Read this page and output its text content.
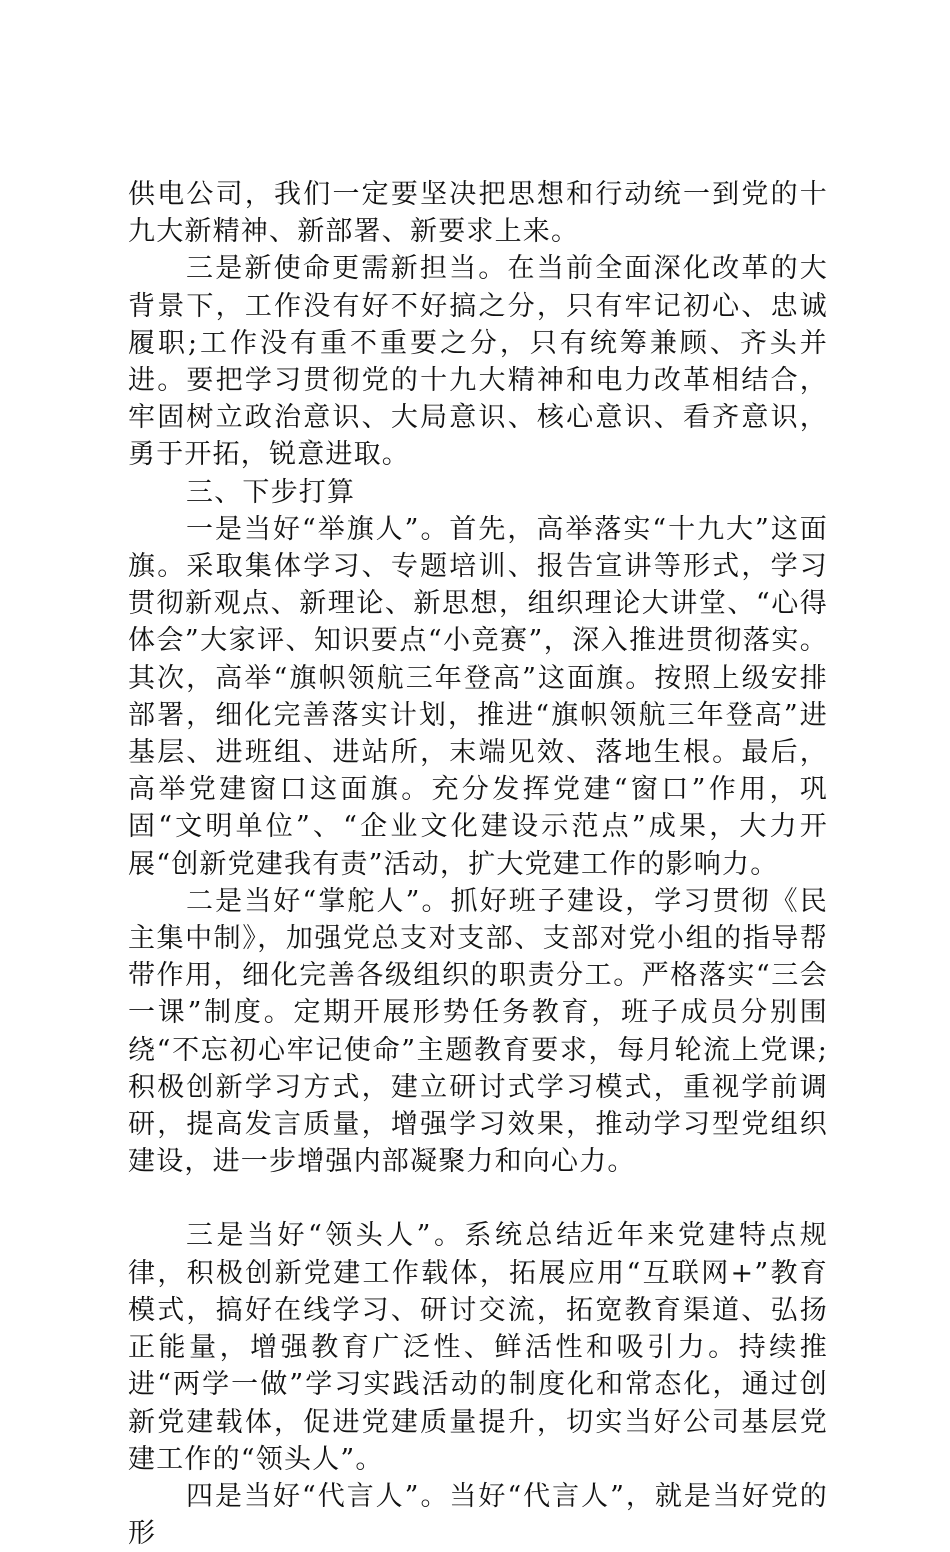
供电公司，我们一定要坚决把思想和行动统一到党的十九大新精神、新部署、新要求上来。

三是新使命更需新担当。在当前全面深化改革的大背景下，工作没有好不好搞之分，只有牢记初心、忠诚履职;工作没有重不重要之分，只有统筹兼顾、齐头并进。要把学习贯彻党的十九大精神和电力改革相结合，牢固树立政治意识、大局意识、核心意识、看齐意识，勇于开拓，锐意进取。

三、下步打算

一是当好“举旗人”。首先，高举落实“十九大”这面旗。采取集体学习、专题培训、报告宣讲等形式，学习贯彻新观点、新理论、新思想，组织理论大讲堂、“心得体会”大家评、知识要点“小竞赛”，深入推进贯彻落实。其次，高举“旗帜领航三年登高”这面旗。按照上级安排部署，细化完善落实计划，推进“旗帜领航三年登高”进基层、进班组、进站所，末端见效、落地生根。最后，高举党建窗口这面旗。充分发挥党建“窗口”作用，巩固“文明单位”、“企业文化建设示范点”成果，大力开展“创新党建我有责”活动，扩大党建工作的影响力。

二是当好“掌舵人”。抓好班子建设，学习贯彻《民主集中制》，加强党总支对支部、支部对党小组的指导帮带作用，细化完善各级组织的职责分工。严格落实“三会一课”制度。定期开展形势任务教育，班子成员分别围绕“不忘初心牢记使命”主题教育要求，每月轮流上党课;积极创新学习方式，建立研讨式学习模式，重视学前调研，提高发言质量，增强学习效果，推动学习型党组织建设，进一步增强内部凝聚力和向心力。

三是当好“领头人”。系统总结近年来党建特点规律，积极创新党建工作载体，拓展应用“互联网+”教育模式，搞好在线学习、研讨交流，拓宽教育渠道、弘扬正能量，增强教育广泛性、鲜活性和吸引力。持续推进“两学一做”学习实践活动的制度化和常态化，通过创新党建载体，促进党建质量提升，切实当好公司基层党建工作的“领头人”。

四是当好“代言人”。当好“代言人”，就是当好党的形
